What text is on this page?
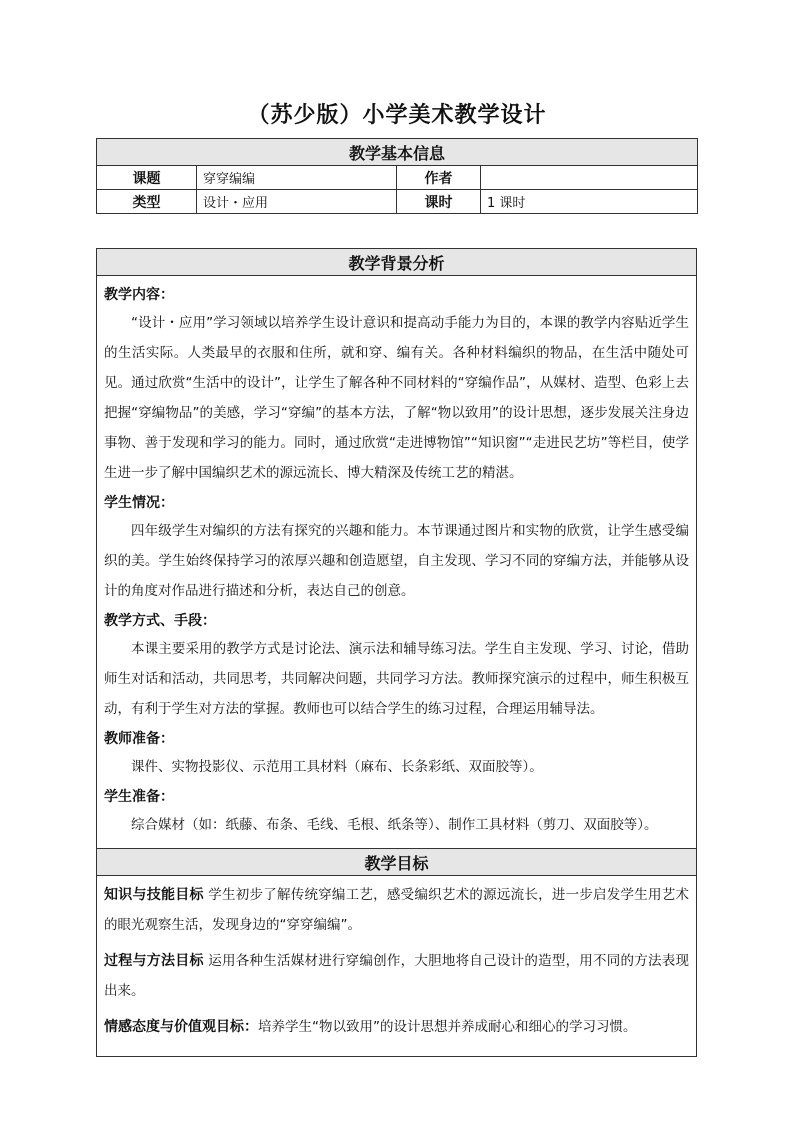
（苏少版）小学美术教学设计
教学基本信息			
课题	穿穿编编	作者	
类型	设计・应用	课时	1 课时
教学背景分析

教学内容：

“设计・应用”学习领域以培养学生设计意识和提高动手能力为目的，本课的教学内容贴近学生的生活实际。人类最早的衣服和住所，就和穿、编有关。各种材料编织的物品，在生活中随处可见。通过欣赏“生活中的设计”，让学生了解各种不同材料的“穿编作品”，从媒材、造型、色彩上去把握“穿编物品”的美感，学习“穿编”的基本方法，了解“物以致用”的设计思想，逐步发展关注身边事物、善于发现和学习的能力。同时，通过欣赏“走进博物馆”“知识窗”“走进民艺坊”等栏目，使学生进一步了解中国编织艺术的源远流长、博大精深及传统工艺的精湛。

学生情况：

四年级学生对编织的方法有探究的兴趣和能力。本节课通过图片和实物的欣赏，让学生感受编织的美。学生始终保持学习的浓厚兴趣和创造愿望，自主发现、学习不同的穿编方法，并能够从设计的角度对作品进行描述和分析，表达自己的创意。

教学方式、手段：

本课主要采用的教学方式是讨论法、演示法和辅导练习法。学生自主发现、学习、讨论，借助师生对话和活动，共同思考，共同解决问题，共同学习方法。教师探究演示的过程中，师生积极互动，有利于学生对方法的掌握。教师也可以结合学生的练习过程，合理运用辅导法。

教师准备：

课件、实物投影仪、示范用工具材料（麻布、长条彩纸、双面胶等）。

学生准备：

综合媒材（如：纸藤、布条、毛线、毛根、纸条等）、制作工具材料（剪刀、双面胶等）。

教学目标

知识与技能目标 学生初步了解传统穿编工艺，感受编织艺术的源远流长，进一步启发学生用艺术的眼光观察生活，发现身边的“穿穿编编”。

过程与方法目标 运用各种生活媒材进行穿编创作，大胆地将自己设计的造型，用不同的方法表现出来。

情感态度与价值观目标：培养学生“物以致用”的设计思想并养成耐心和细心的学习习惯。
